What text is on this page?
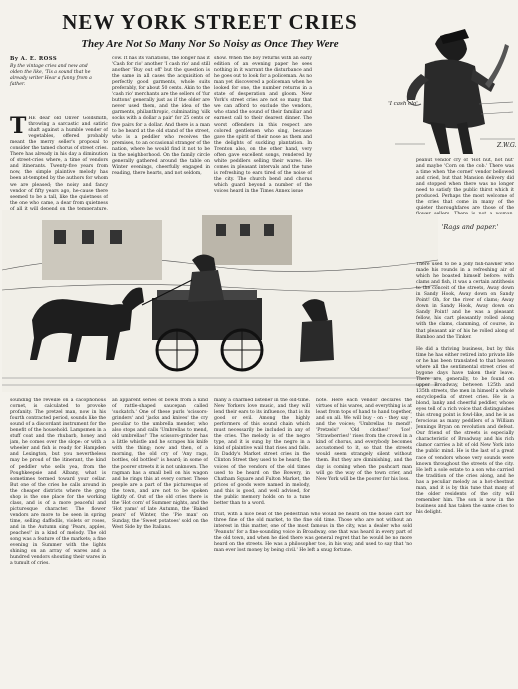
NEW YORK STREET CRIES
They Are Not So Many Nor So Noisy as Once They Were
By A. E. ROSS
By the vintage cries and new and olden the like, 'Tis a sound that he already writer Hear a funny from a father.
'I cash clo'
Z.W.G.
'Rags and paper.'

THE dear old Oliver Goldsmith, throwing a sarcastic and satiric shaft against a humble vender of vegetables, offered probably meant the merry seller's proposal to consider the tamed chorus of street cries. There has already in his day a diminution of street-cries where, a time of vendors and itinerants. Twenty-five years from now, the simple plaintive melody has been at-tempted by the authors for whom we are pleased; the noisy and fancy vendor of fifty years ago, he-cause there seemed to be a tall, like the quietness of the one who came, a dear from quietness of all it will depend on the temperature.

cow. It has its variations, the longer has it 'Cash for rio' another 'I cash rio' and still another 'Buy out off' but the question is the same in all cases the acquisition of perfectly good garments, whole suits preferably, for about 50 cents. Akin to the 'cash rio' merchants are the sellers of 'fur buttons' generally just as if the older are never used them, and the idea of the garments, philanthropic, culminating 'silk socks with a dollar a pair' for 25 cents or five pairs for a dollar. And there is a man to be heard at the old stand of the street, who is a peddler who receives the premises, to an occasional stranger of the nation, where he would find it not to be in the neighborhood. On the family circle generally gathered around the table on Winter evenings, cheerfully engaged in reading, there hearts, and not seldom,

show. When the boy returns with an early edition of an evening paper he sees nothing in it warrant the disturbance and he goes out to look for a policeman. As no man yet discovered a policeman when he looked for one, the number returns in a state of desperation and gloom. New York's street cries are not so many that we can afford to exclude the vendors, who stand the sound of their familiar and earnest call to their dearest dinner. The worst offenders in this respect are colored gentlemen who sing, because gave the spirit of their nose as them and the delights of suckling plantation. In Trenton also, on the other hand, very often gave excellent songs, rendered by white peddlers selling their wares. He comes in pleasant intervals and the tune is refreshing to ears tired of the noise of the city. The church bend and chorus which guard beyond a number of the voices heard in the Times Annex issue

peanut vendor cry of 'Hot nut, hot nut' and maybe 'Corn on the cob.' There was a time when 'the cornet' vendor bellowed and cried, but that Mansion delivery did and stopped when there was no longer need to satisfy the public thirst which it produced. Perhaps the most welcome of the cries that come in many of the quieter thoroughfares are those of the

There used to be a jolly fish-hawker who made his rounds in a refreshing air of which he boasted himself before: with clams and fish, it was a certain antithesis to the conceit of the streets, Away down in Sandy Hook, Away down on Sandy Point! Oh, for the river of clams; Away down in Sandy Hook, Away down on Sandy Point! and he was a pleasant fellow, his cart pleasantly rolled along with the clams, clamming, of course, in that pleasant air of his he rolled along of Bamboo and the Tinker.

He did a thriving business, but by this time he has either retired into private life or he has been translated to that heaven where all the sentimental street cries of bygone days have taken their leave. There are, generally, to be found on upper Broadway, between 125th and 135th streets, the men in himself a whole encyclopedia of street cries. He is a blond, lanky and cheerful peddler, whose eyes tell of a rich voice that distinguishes this strong point is fowl-like, and he is as ferocious as many peddlers of a William Jennings Bryan on revolution and defeat. Our friend of the streets is especially characteristic of Broadway and his rich clamor carries a bit of old New York into the public mind. He is the last of a great race of vendors whose very sounds were known throughout the streets of the city. He left a sole estate to a son who carried the tradition of the cries along, and he has a peculiar melody as a hot-chestnut man, and it is by this tune that many of the older residents of the city will remember him. The son is now in the business and has taken the same cries to his delight.

sounding the reveille on a cacophonous cornet, is calculated to provoke profanity. The pretzel man, now in his fourth contracted period, sounds like the sound of a discordant instrument for the benefit of the household. Lampsmen in a stuff coat and the rhubarb, honey and jam, he comes over the slope: or with a wheeler and fish is ready for Hampden and Lexington, but you nevertheless may be proud of the itinerant, the kind of peddler who sells yea, from the Poughkeepsie and Albany, what is sometimes termed toward your cellar. But one of the cries he calls around in the cheaper districts where the grog shop is the one place for the working class, and is of a more peaceful and picturesque character. The flower vendors are more to be seen in spring time, selling daffodils, violets or roses, and in the Autumn sing 'Pears, apples, peaches!' in a kind of melody. The old song was a feature of the markets; a fine evening in Summer with the lights shining on an array of wares and a hundred vendors shouting their wares in a tumult of cries.

an apparent series of bowls from a kind of rattle-shaped saucepan called 'suckatch.' One of these purls 'scissors-grinders' and 'jacks and knives' the cry peculiar to the umbrella mender, who also stops and calls 'Umbrellas to mend, old umbrellas!' The scissors-grinder has a little whistle and he scrapes his knife with the thing; now and then, of a morning, the old cry of 'Any rags, bottles, old bottles!' is heard; in some of the poorer streets it is not unknown. The ragman has a small bell on his wagon and he rings this at every corner. These people are a part of the picturesque of the town, and are not to be spoken lightly of. Out of the old cries there is the 'Hot corn' of Summer nights, and the 'Hot yams' of late Autumn, the 'Baked pears' of Winter, the 'Pie man' on Sunday, the 'Sweet potatoes' sold on the West Side by the Italians.

many a charmed listener in the old-time. New Yorkers love music, and they will lend their ears to its influence, that is its good or evil. Among the highly performers of this sound chain which must necessarily be included in any of the cries. The melody is of the negro type, and it is sung by the negro in a kind of plaintive wail that rises and falls. In Daddy's Market street cries in the Clinton Street they used to be heard; the voices of the vendors of the old times used to be heard on the Bowery, in Chatham Square and Fulton Market, the prices of goods were named in melody, and this is good, and well advised, for the public memory holds on to a tune better than to a word.

note. Here each vendor declares the virtues of his wares, and everything is at least from tops of hand to hand together, and on all. We will buy - on - they say - and the voices; 'Umbrellas to mend!' 'Pretzels!' 'Old clothes!' 'Ice!' 'Strawberries!' rises from the crowd in a kind of chorus, and everybody becomes accustomed to it, so that the streets would seem strangely silent without them. But they are diminishing, and the day is coming when the pushcart man will go the way of the town crier, and New York will be the poorer for his loss.

fruit, with a nice beat of the pedestrian who would be heard on the house cart for three fine of the old market, to the fine old time. Those who are not without an interest in this matter, one of the most famous in the city, was a dealer who sold 'Peanuts' for a fine-sounding voice in Broadway, one that was heard in every part of the old town, and when he died there was general regret that he would be no more heard on the streets. He was a philosopher too, in his way, and used to say that 'no man ever lost money by being civil.' He left a snug fortune.
